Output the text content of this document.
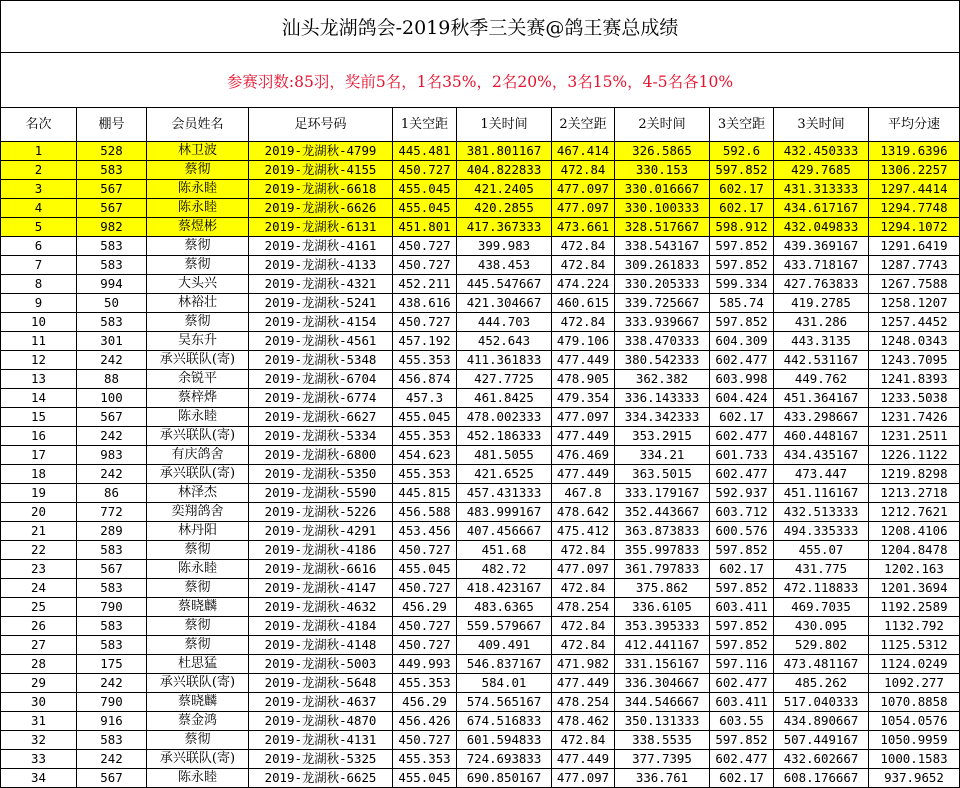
汕头龙湖鸽会-2019秋季三关赛@鸽王赛总成绩
参赛羽数:85羽，奖前5名，1名35%，2名20%，3名15%，4-5名各10%
名次	棚号	会员姓名	足环号码	1关空距	1关时间	2关空距	2关时间	3关空距	3关时间	平均分速
1	528	林卫波	2019-龙湖秋-4799	445.481	381.801167	467.414	326.5865	592.6	432.450333	1319.6396
2	583	蔡彻	2019-龙湖秋-4155	450.727	404.822833	472.84	330.153	597.852	429.7685	1306.2257
3	567	陈永睦	2019-龙湖秋-6618	455.045	421.2405	477.097	330.016667	602.17	431.313333	1297.4414
4	567	陈永睦	2019-龙湖秋-6626	455.045	420.2855	477.097	330.100333	602.17	434.617167	1294.7748
5	982	蔡煜彬	2019-龙湖秋-6131	451.801	417.367333	473.661	328.517667	598.912	432.049833	1294.1072
6	583	蔡彻	2019-龙湖秋-4161	450.727	399.983	472.84	338.543167	597.852	439.369167	1291.6419
7	583	蔡彻	2019-龙湖秋-4133	450.727	438.453	472.84	309.261833	597.852	433.718167	1287.7743
8	994	大头兴	2019-龙湖秋-4321	452.211	445.547667	474.224	330.205333	599.334	427.763833	1267.7588
9	50	林裕壮	2019-龙湖秋-5241	438.616	421.304667	460.615	339.725667	585.74	419.2785	1258.1207
10	583	蔡彻	2019-龙湖秋-4154	450.727	444.703	472.84	333.939667	597.852	431.286	1257.4452
11	301	吴东升	2019-龙湖秋-4561	457.192	452.643	479.106	338.470333	604.309	443.3135	1248.0343
12	242	承兴联队(寄)	2019-龙湖秋-5348	455.353	411.361833	477.449	380.542333	602.477	442.531167	1243.7095
13	88	余锐平	2019-龙湖秋-6704	456.874	427.7725	478.905	362.382	603.998	449.762	1241.8393
14	100	蔡梓烨	2019-龙湖秋-6774	457.3	461.8425	479.354	336.143333	604.424	451.364167	1233.5038
15	567	陈永睦	2019-龙湖秋-6627	455.045	478.002333	477.097	334.342333	602.17	433.298667	1231.7426
16	242	承兴联队(寄)	2019-龙湖秋-5334	455.353	452.186333	477.449	353.2915	602.477	460.448167	1231.2511
17	983	有庆鸽舍	2019-龙湖秋-6800	454.623	481.5055	476.469	334.21	601.733	434.435167	1226.1122
18	242	承兴联队(寄)	2019-龙湖秋-5350	455.353	421.6525	477.449	363.5015	602.477	473.447	1219.8298
19	86	林泽杰	2019-龙湖秋-5590	445.815	457.431333	467.8	333.179167	592.937	451.116167	1213.2718
20	772	奕翔鸽舍	2019-龙湖秋-5226	456.588	483.999167	478.642	352.443667	603.712	432.513333	1212.7621
21	289	林丹阳	2019-龙湖秋-4291	453.456	407.456667	475.412	363.873833	600.576	494.335333	1208.4106
22	583	蔡彻	2019-龙湖秋-4186	450.727	451.68	472.84	355.997833	597.852	455.07	1204.8478
23	567	陈永睦	2019-龙湖秋-6616	455.045	482.72	477.097	361.797833	602.17	431.775	1202.163
24	583	蔡彻	2019-龙湖秋-4147	450.727	418.423167	472.84	375.862	597.852	472.118833	1201.3694
25	790	蔡晓麟	2019-龙湖秋-4632	456.29	483.6365	478.254	336.6105	603.411	469.7035	1192.2589
26	583	蔡彻	2019-龙湖秋-4184	450.727	559.579667	472.84	353.395333	597.852	430.095	1132.792
27	583	蔡彻	2019-龙湖秋-4148	450.727	409.491	472.84	412.441167	597.852	529.802	1125.5312
28	175	杜思猛	2019-龙湖秋-5003	449.993	546.837167	471.982	331.156167	597.116	473.481167	1124.0249
29	242	承兴联队(寄)	2019-龙湖秋-5648	455.353	584.01	477.449	336.304667	602.477	485.262	1092.277
30	790	蔡晓麟	2019-龙湖秋-4637	456.29	574.565167	478.254	344.546667	603.411	517.040333	1070.8858
31	916	蔡金鸿	2019-龙湖秋-4870	456.426	674.516833	478.462	350.131333	603.55	434.890667	1054.0576
32	583	蔡彻	2019-龙湖秋-4131	450.727	601.594833	472.84	338.5535	597.852	507.449167	1050.9959
33	242	承兴联队(寄)	2019-龙湖秋-5325	455.353	724.693833	477.449	377.7395	602.477	432.602667	1000.1583
34	567	陈永睦	2019-龙湖秋-6625	455.045	690.850167	477.097	336.761	602.17	608.176667	937.9652
